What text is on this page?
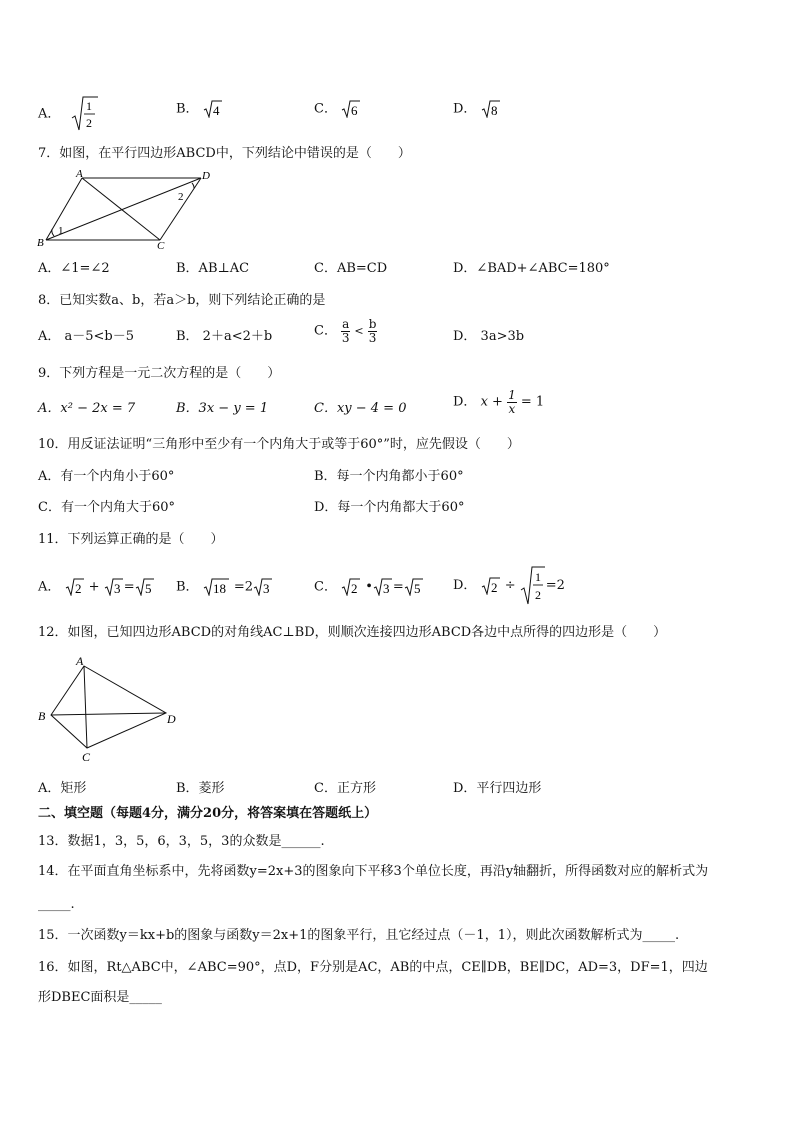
A．
1
2
B． 4	C． 6	D． 8
7．如图，在平行四边形ABCD中，下列结论中错误的是（　　）
A	D
B	C
1
2
A．∠1=∠2	B．AB⊥AC	C．AB=CD	D．∠BAD+∠ABC=180°
8．已知实数a、b，若a＞b，则下列结论正确的是
A． a－5<b－5	B． 2＋a<2＋b	C． $\frac{a}{3} < \frac{b}{3}$	D． 3a>3b
9．下列方程是一元二次方程的是（　　）
A．x² − 2x = 7	B．3x − y = 1	C．xy − 4 = 0	D． $x + \frac{1}{x} = 1$
10．用反证法证明“三角形中至少有一个内角大于或等于60°”时，应先假设（　　）
A．有一个内角小于60°	B．每一个内角都小于60°
C．有一个内角大于60°	D．每一个内角都大于60°
11．下列运算正确的是（　　）
A． 2 + 3 = 5 B． 18 =2 3	C． 2 • 3 = 5	D． 2 ÷
1
2
=2
12．如图，已知四边形ABCD的对角线AC⊥BD，则顺次连接四边形ABCD各边中点所得的四边形是（　　）
A
B
C
D
A．矩形	B．菱形	C．正方形	D．平行四边形
二、填空题（每题4分，满分20分，将答案填在答题纸上）
13．数据1，3，5，6，3，5，3的众数是______.
14．在平面直角坐标系中，先将函数y=2x+3的图象向下平移3个单位长度，再沿y轴翻折，所得函数对应的解析式为
_____.
15．一次函数y＝kx+b的图象与函数y＝2x+1的图象平行，且它经过点（－1，1），则此次函数解析式为_____.
16．如图，Rt△ABC中，∠ABC=90°，点D，F分别是AC，AB的中点，CE∥DB，BE∥DC，AD=3，DF=1，四边
形DBEC面积是_____
